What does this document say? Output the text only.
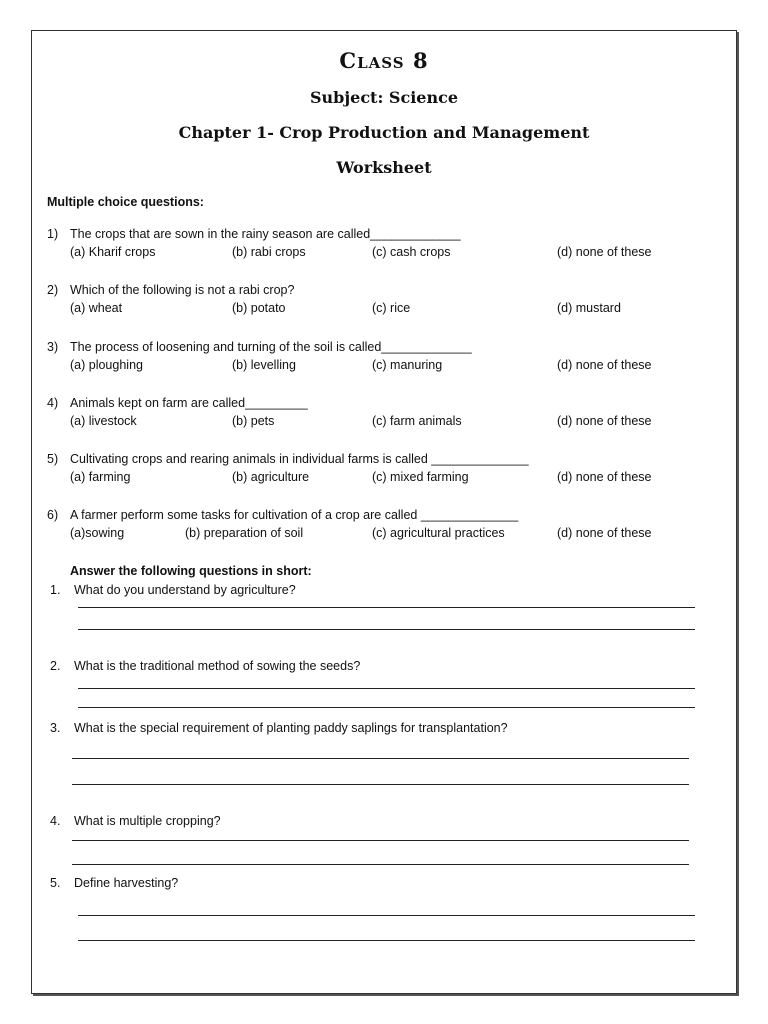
Class 8
Subject: Science
Chapter 1- Crop Production and Management
Worksheet
Multiple choice questions:
1) The crops that are sown in the rainy season are called_____________
(a) Kharif crops	(b) rabi crops	(c) cash crops	(d) none of these
2) Which of the following is not a rabi crop?
(a) wheat	(b) potato	(c) rice	(d) mustard
3) The process of loosening and turning of the soil is called_____________
(a) ploughing	(b) levelling	(c) manuring	(d) none of these
4) Animals kept on farm are called_________
(a) livestock	(b) pets	(c) farm animals	(d) none of these
5) Cultivating crops and rearing animals in individual farms is called ______________
(a) farming	(b) agriculture	(c) mixed farming	(d) none of these
6) A farmer perform some tasks for cultivation of a crop are called ______________
(a)sowing	(b) preparation of soil	(c) agricultural practices	(d) none of these
Answer the following questions in short:
1. What do you understand by agriculture?
2. What is the traditional method of sowing the seeds?
3. What is the special requirement of planting paddy saplings for transplantation?
4. What is multiple cropping?
5. Define harvesting?
